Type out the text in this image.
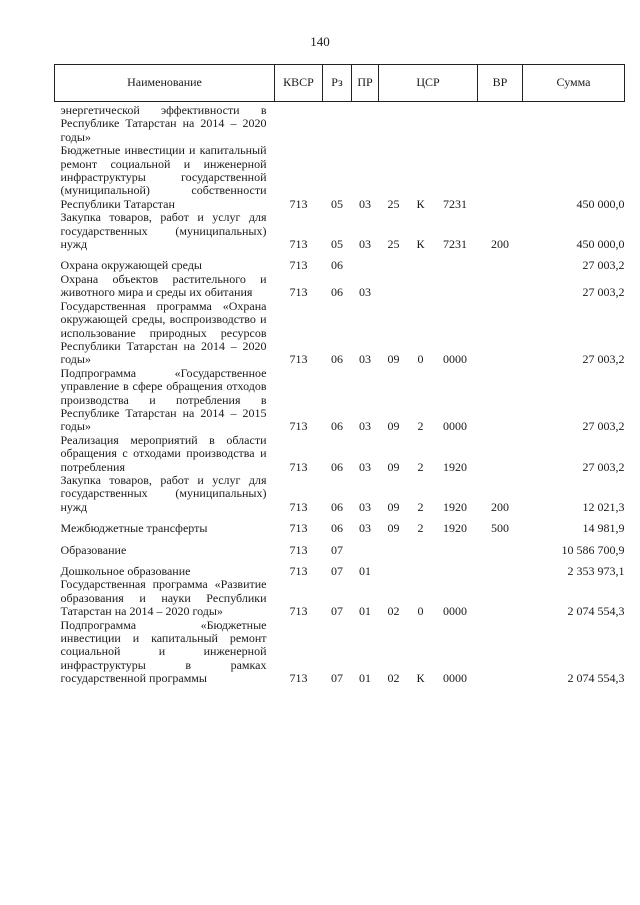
140
Наименование	КВСР	Рз	ПР	ЦСР	ВР	Сумма
энергетической эффективности в Республике Татарстан на 2014 – 2020 годы»				

Бюджетные инвестиции и капитальный ремонт социальной и инженерной инфраструктуры государственной (муниципальной) собственности Республики Татарстан	713	05	03	25 К 7231		450 000,0
Закупка товаров, работ и услуг для государственных (муниципальных) нужд	713	05	03	25 К 7231	200	450 000,0
Охрана окружающей среды	713	06				27 003,2
Охрана объектов растительного и животного мира и среды их обитания	713	06	03			27 003,2
Государственная программа «Охрана окружающей среды, воспроизводство и использование природных ресурсов Республики Татарстан на 2014 – 2020 годы»	713	06	03	09 0 0000		27 003,2
Подпрограмма «Государственное управление в сфере обращения отходов производства и потребления в Республике Татарстан на 2014 – 2015 годы»	713	06	03	09 2 0000		27 003,2
Реализация мероприятий в области обращения с отходами производства и потребления	713	06	03	09 2 1920		27 003,2
Закупка товаров, работ и услуг для государственных (муниципальных) нужд	713	06	03	09 2 1920	200	12 021,3
Межбюджетные трансферты	713	06	03	09 2 1920	500	14 981,9
Образование	713	07				10 586 700,9
Дошкольное образование	713	07	01			2 353 973,1
Государственная программа «Развитие образования и науки Республики Татарстан на 2014 – 2020 годы»	713	07	01	02 0 0000		2 074 554,3
Подпрограмма «Бюджетные инвестиции и капитальный ремонт социальной и инженерной инфраструктуры в рамках государственной программы	713	07	01	02 К 0000		2 074 554,3
